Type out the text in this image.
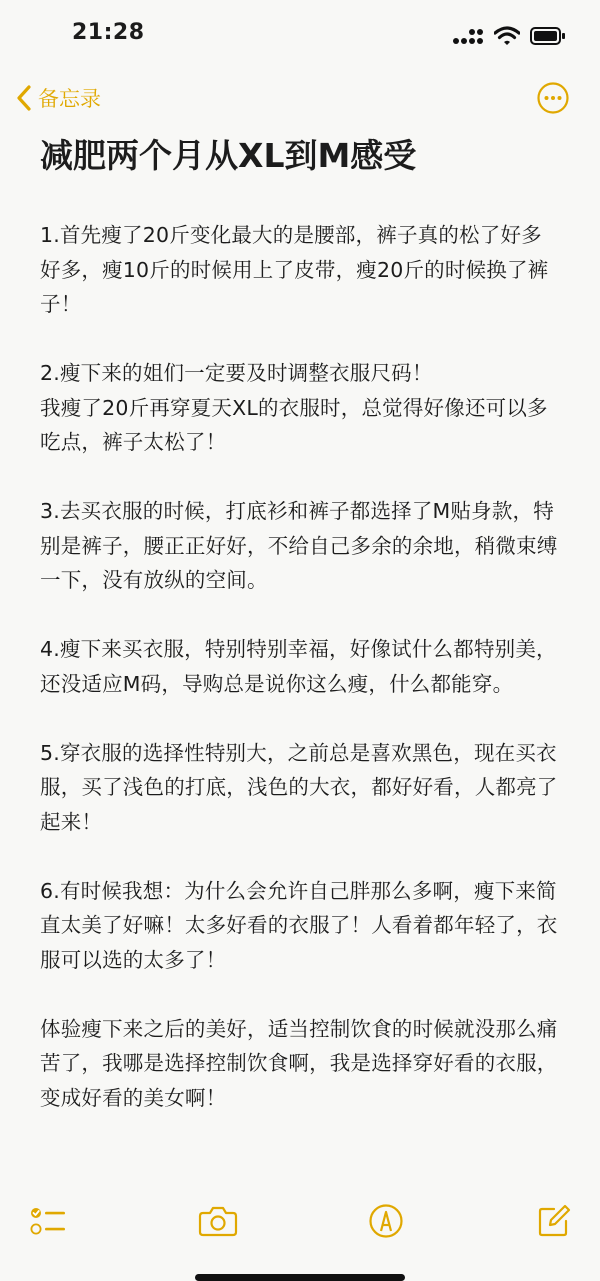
21:28
备忘录
减肥两个月从XL到M感受

1.首先瘦了20斤变化最大的是腰部，裤子真的松了好多好多，瘦10斤的时候用上了皮带，瘦20斤的时候换了裤子！

2.瘦下来的姐们一定要及时调整衣服尺码！
我瘦了20斤再穿夏天XL的衣服时，总觉得好像还可以多吃点，裤子太松了！

3.去买衣服的时候，打底衫和裤子都选择了M贴身款，特别是裤子，腰正正好好，不给自己多余的余地，稍微束缚一下，没有放纵的空间。

4.瘦下来买衣服，特别特别幸福，好像试什么都特别美，还没适应M码，导购总是说你这么瘦，什么都能穿。

5.穿衣服的选择性特别大，之前总是喜欢黑色，现在买衣服，买了浅色的打底，浅色的大衣，都好好看，人都亮了起来！

6.有时候我想：为什么会允许自己胖那么多啊，瘦下来简直太美了好嘛！太多好看的衣服了！人看着都年轻了，衣服可以选的太多了！

体验瘦下来之后的美好，适当控制饮食的时候就没那么痛苦了，我哪是选择控制饮食啊，我是选择穿好看的衣服，变成好看的美女啊！
